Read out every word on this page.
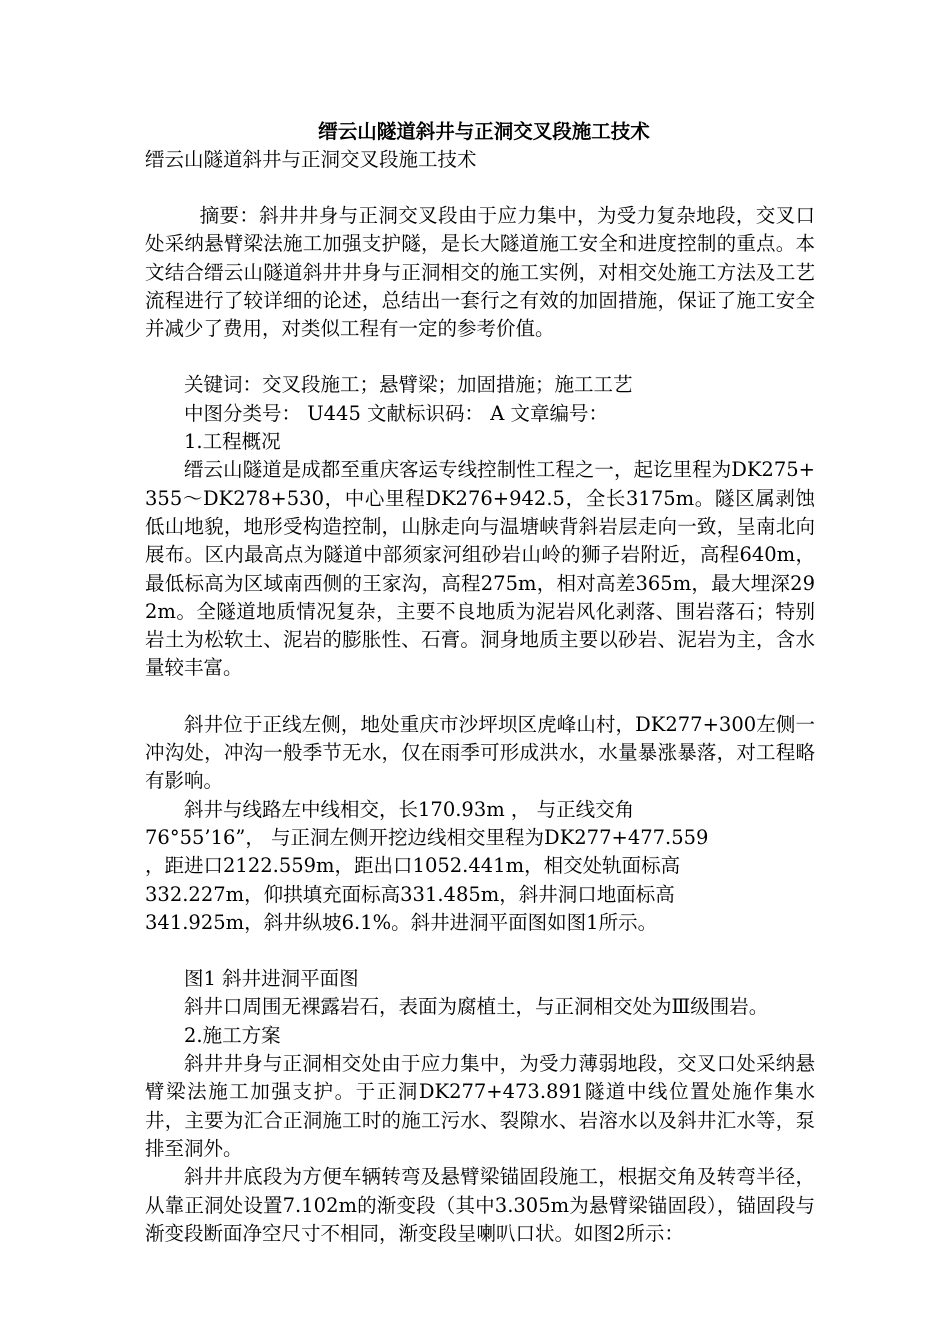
缙云山隧道斜井与正洞交叉段施工技术

缙云山隧道斜井与正洞交叉段施工技术

摘要：斜井井身与正洞交叉段由于应力集中，为受力复杂地段，交叉口处采纳悬臂梁法施工加强支护隧，是长大隧道施工安全和进度控制的重点。本文结合缙云山隧道斜井井身与正洞相交的施工实例，对相交处施工方法及工艺流程进行了较详细的论述，总结出一套行之有效的加固措施，保证了施工安全并减少了费用，对类似工程有一定的参考价值。

关键词：交叉段施工；悬臂梁；加固措施；施工工艺

中图分类号： U445 文献标识码： A 文章编号：

1.工程概况

缙云山隧道是成都至重庆客运专线控制性工程之一，起讫里程为DK275+355～DK278+530，中心里程DK276+942.5，全长3175m。隧区属剥蚀低山地貌，地形受构造控制，山脉走向与温塘峡背斜岩层走向一致，呈南北向展布。区内最高点为隧道中部须家河组砂岩山岭的狮子岩附近，高程640m，最低标高为区域南西侧的王家沟，高程275m，相对高差365m，最大埋深292m。全隧道地质情况复杂，主要不良地质为泥岩风化剥落、围岩落石；特别岩土为松软土、泥岩的膨胀性、石膏。洞身地质主要以砂岩、泥岩为主，含水量较丰富。

斜井位于正线左侧，地处重庆市沙坪坝区虎峰山村，DK277+300左侧一冲沟处，冲沟一般季节无水，仅在雨季可形成洪水，水量暴涨暴落，对工程略有影响。

斜井与线路左中线相交，长170.93m ， 与正线交角
76°55’16”， 与正洞左侧开挖边线相交里程为DK277+477.559
，距进口2122.559m，距出口1052.441m，相交处轨面标高
332.227m，仰拱填充面标高331.485m，斜井洞口地面标高
341.925m，斜井纵坡6.1%。斜井进洞平面图如图1所示。

图1 斜井进洞平面图

斜井口周围无裸露岩石，表面为腐植土，与正洞相交处为Ⅲ级围岩。

2.施工方案

斜井井身与正洞相交处由于应力集中，为受力薄弱地段，交叉口处采纳悬臂梁法施工加强支护。于正洞DK277+473.891隧道中线位置处施作集水井，主要为汇合正洞施工时的施工污水、裂隙水、岩溶水以及斜井汇水等，泵排至洞外。

斜井井底段为方便车辆转弯及悬臂梁锚固段施工，根据交角及转弯半径，从靠正洞处设置7.102m的渐变段（其中3.305m为悬臂梁锚固段），锚固段与渐变段断面净空尺寸不相同，渐变段呈喇叭口状。如图2所示：
